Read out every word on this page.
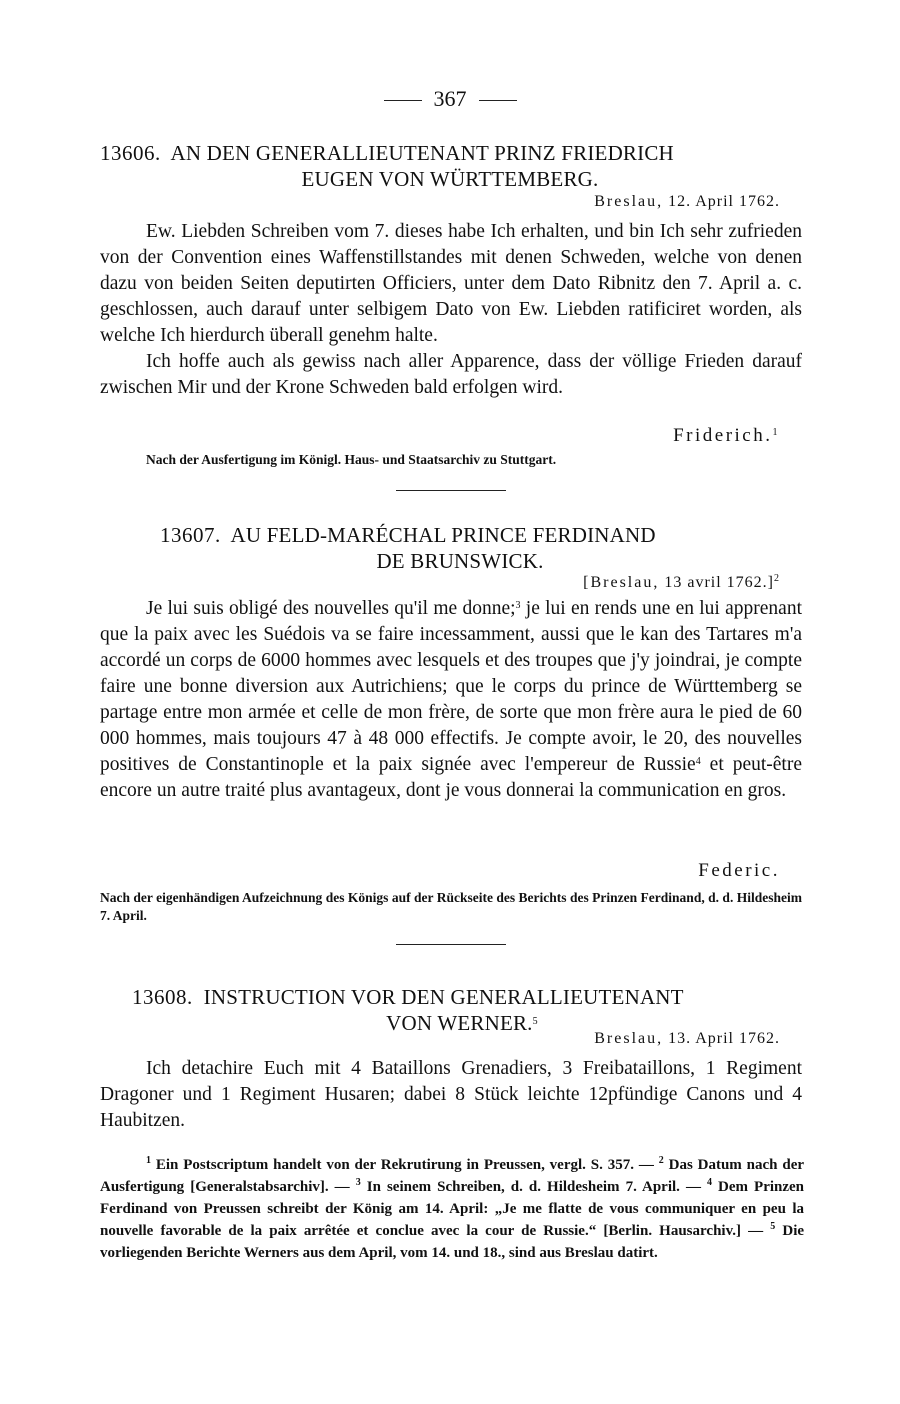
367
13606. AN DEN GENERALLIEUTENANT PRINZ FRIEDRICH
EUGEN VON WÜRTTEMBERG.
Breslau, 12. April 1762.

Ew. Liebden Schreiben vom 7. dieses habe Ich erhalten, und bin Ich sehr zufrieden von der Convention eines Waffenstillstandes mit denen Schweden, welche von denen dazu von beiden Seiten deputirten Officiers, unter dem Dato Ribnitz den 7. April a. c. geschlossen, auch darauf unter selbigem Dato von Ew. Liebden ratificiret worden, als welche Ich hierdurch überall genehm halte.

Ich hoffe auch als gewiss nach aller Apparence, dass der völlige Frieden darauf zwischen Mir und der Krone Schweden bald erfolgen wird.

Friderich.$^1$
Nach der Ausfertigung im Königl. Haus- und Staatsarchiv zu Stuttgart.
13607. AU FELD-MARÉCHAL PRINCE FERDINAND
DE BRUNSWICK.
[Breslau, 13 avril 1762.]$^2$

Je lui suis obligé des nouvelles qu'il me donne;$^3$ je lui en rends une en lui apprenant que la paix avec les Suédois va se faire incessamment, aussi que le kan des Tartares m'a accordé un corps de 6000 hommes avec lesquels et des troupes que j'y joindrai, je compte faire une bonne diversion aux Autrichiens; que le corps du prince de Württemberg se partage entre mon armée et celle de mon frère, de sorte que mon frère aura le pied de 60 000 hommes, mais toujours 47 à 48 000 effectifs. Je compte avoir, le 20, des nouvelles positives de Constantinople et la paix signée avec l'empereur de Russie$^4$ et peut-être encore un autre traité plus avantageux, dont je vous donnerai la communication en gros.

Federic.
Nach der eigenhändigen Aufzeichnung des Königs auf der Rückseite des Berichts des Prinzen Ferdinand, d. d. Hildesheim 7. April.
13608. INSTRUCTION VOR DEN GENERALLIEUTENANT
VON WERNER.$^5$
Breslau, 13. April 1762.

Ich detachire Euch mit 4 Bataillons Grenadiers, 3 Freibataillons, 1 Regiment Dragoner und 1 Regiment Husaren; dabei 8 Stück leichte 12pfündige Canons und 4 Haubitzen.

$^1$ Ein Postscriptum handelt von der Rekrutirung in Preussen, vergl. S. 357. — $^2$ Das Datum nach der Ausfertigung [Generalstabsarchiv]. — $^3$ In seinem Schreiben, d. d. Hildesheim 7. April. — $^4$ Dem Prinzen Ferdinand von Preussen schreibt der König am 14. April: „Je me flatte de vous communiquer en peu la nouvelle favorable de la paix arrêtée et conclue avec la cour de Russie.“ [Berlin. Hausarchiv.] — $^5$ Die vorliegenden Berichte Werners aus dem April, vom 14. und 18., sind aus Breslau datirt.
